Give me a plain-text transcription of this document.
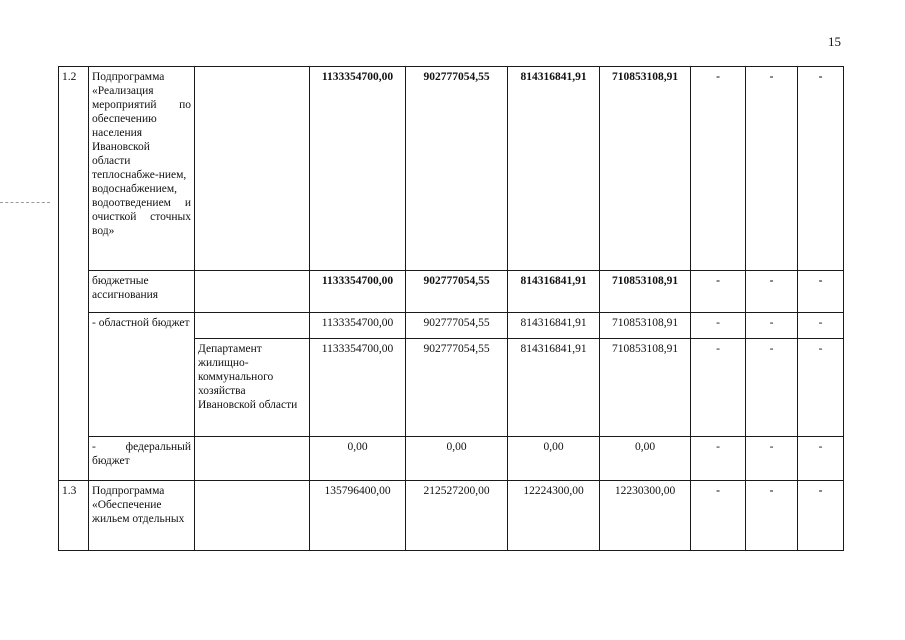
15
1.2	Подпрограмма «Реализация мероприятий по обеспечению населения Ивановской области теплоснабже-нием, водоснабжением, водоотведением и очисткой сточных вод»		1133354700,00	902777054,55	814316841,91	710853108,91	-	-	-
	бюджетные ассигнования		1133354700,00	902777054,55	814316841,91	710853108,91	-	-	-
	- областной бюджет		1133354700,00	902777054,55	814316841,91	710853108,91	-	-	-
		Департамент жилищно-коммунального хозяйства Ивановской области	1133354700,00	902777054,55	814316841,91	710853108,91	-	-	-
	- федеральный бюджет		0,00	0,00	0,00	0,00	-	-	-
1.3	Подпрограмма «Обеспечение жильем отдельных		135796400,00	212527200,00	12224300,00	12230300,00	-	-	-
